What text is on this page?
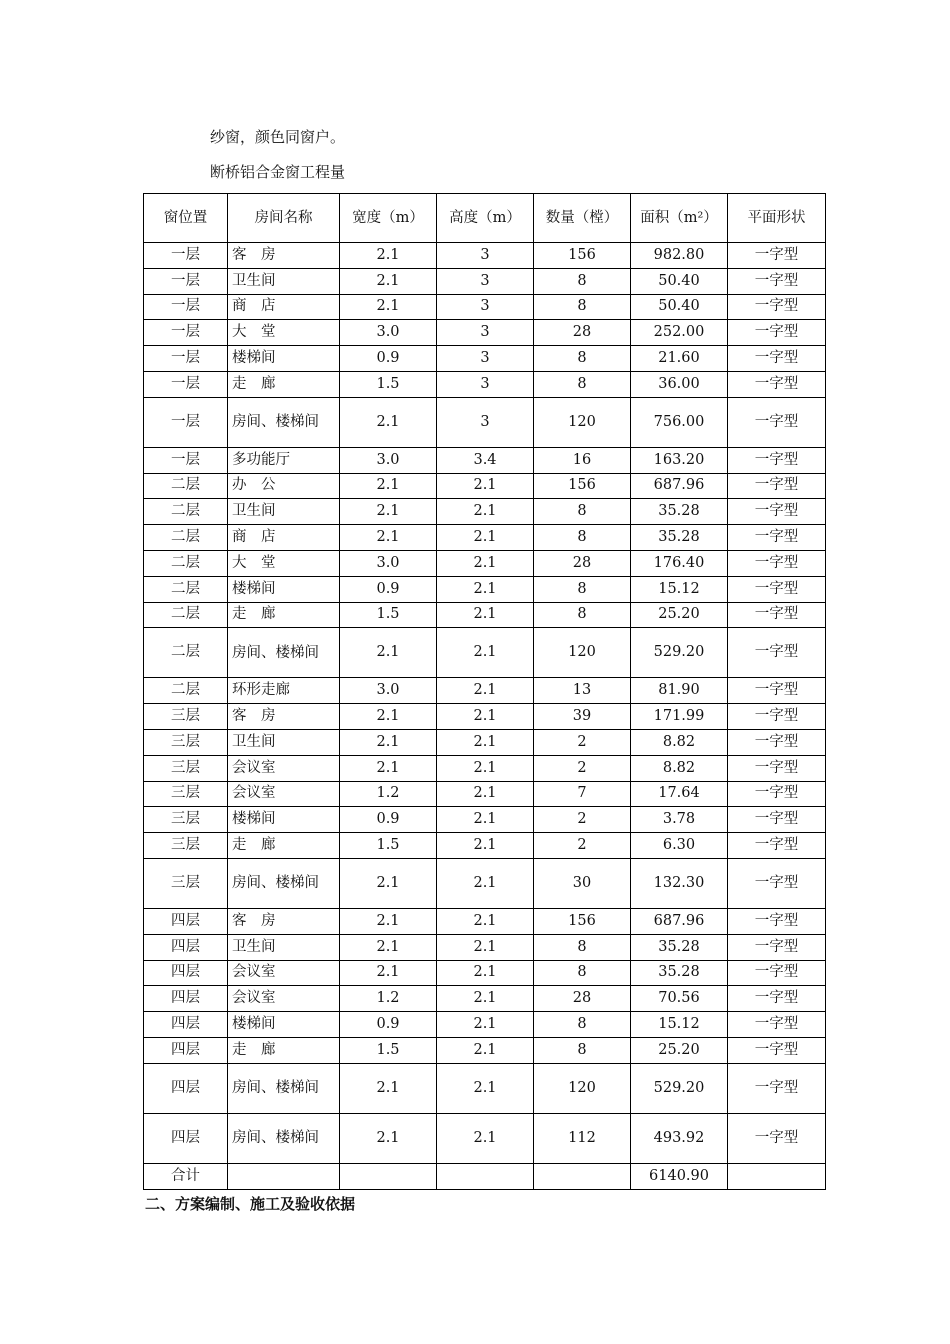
纱窗，颜色同窗户。
断桥铝合金窗工程量
窗位置	房间名称	宽度（m）	高度（m）	数量（樘）	面积（m²）	平面形状
一层	客　房	2.1	3	156	982.80	一字型
一层	卫生间	2.1	3	8	50.40	一字型
一层	商　店	2.1	3	8	50.40	一字型
一层	大　堂	3.0	3	28	252.00	一字型
一层	楼梯间	0.9	3	8	21.60	一字型
一层	走　廊	1.5	3	8	36.00	一字型
一层	房间、楼梯间	2.1	3	120	756.00	一字型
一层	多功能厅	3.0	3.4	16	163.20	一字型
二层	办　公	2.1	2.1	156	687.96	一字型
二层	卫生间	2.1	2.1	8	35.28	一字型
二层	商　店	2.1	2.1	8	35.28	一字型
二层	大　堂	3.0	2.1	28	176.40	一字型
二层	楼梯间	0.9	2.1	8	15.12	一字型
二层	走　廊	1.5	2.1	8	25.20	一字型
二层	房间、楼梯间	2.1	2.1	120	529.20	一字型
二层	环形走廊	3.0	2.1	13	81.90	一字型
三层	客　房	2.1	2.1	39	171.99	一字型
三层	卫生间	2.1	2.1	2	8.82	一字型
三层	会议室	2.1	2.1	2	8.82	一字型
三层	会议室	1.2	2.1	7	17.64	一字型
三层	楼梯间	0.9	2.1	2	3.78	一字型
三层	走　廊	1.5	2.1	2	6.30	一字型
三层	房间、楼梯间	2.1	2.1	30	132.30	一字型
四层	客　房	2.1	2.1	156	687.96	一字型
四层	卫生间	2.1	2.1	8	35.28	一字型
四层	会议室	2.1	2.1	8	35.28	一字型
四层	会议室	1.2	2.1	28	70.56	一字型
四层	楼梯间	0.9	2.1	8	15.12	一字型
四层	走　廊	1.5	2.1	8	25.20	一字型
四层	房间、楼梯间	2.1	2.1	120	529.20	一字型
四层	房间、楼梯间	2.1	2.1	112	493.92	一字型
合计					6140.90	
二、方案编制、施工及验收依据
